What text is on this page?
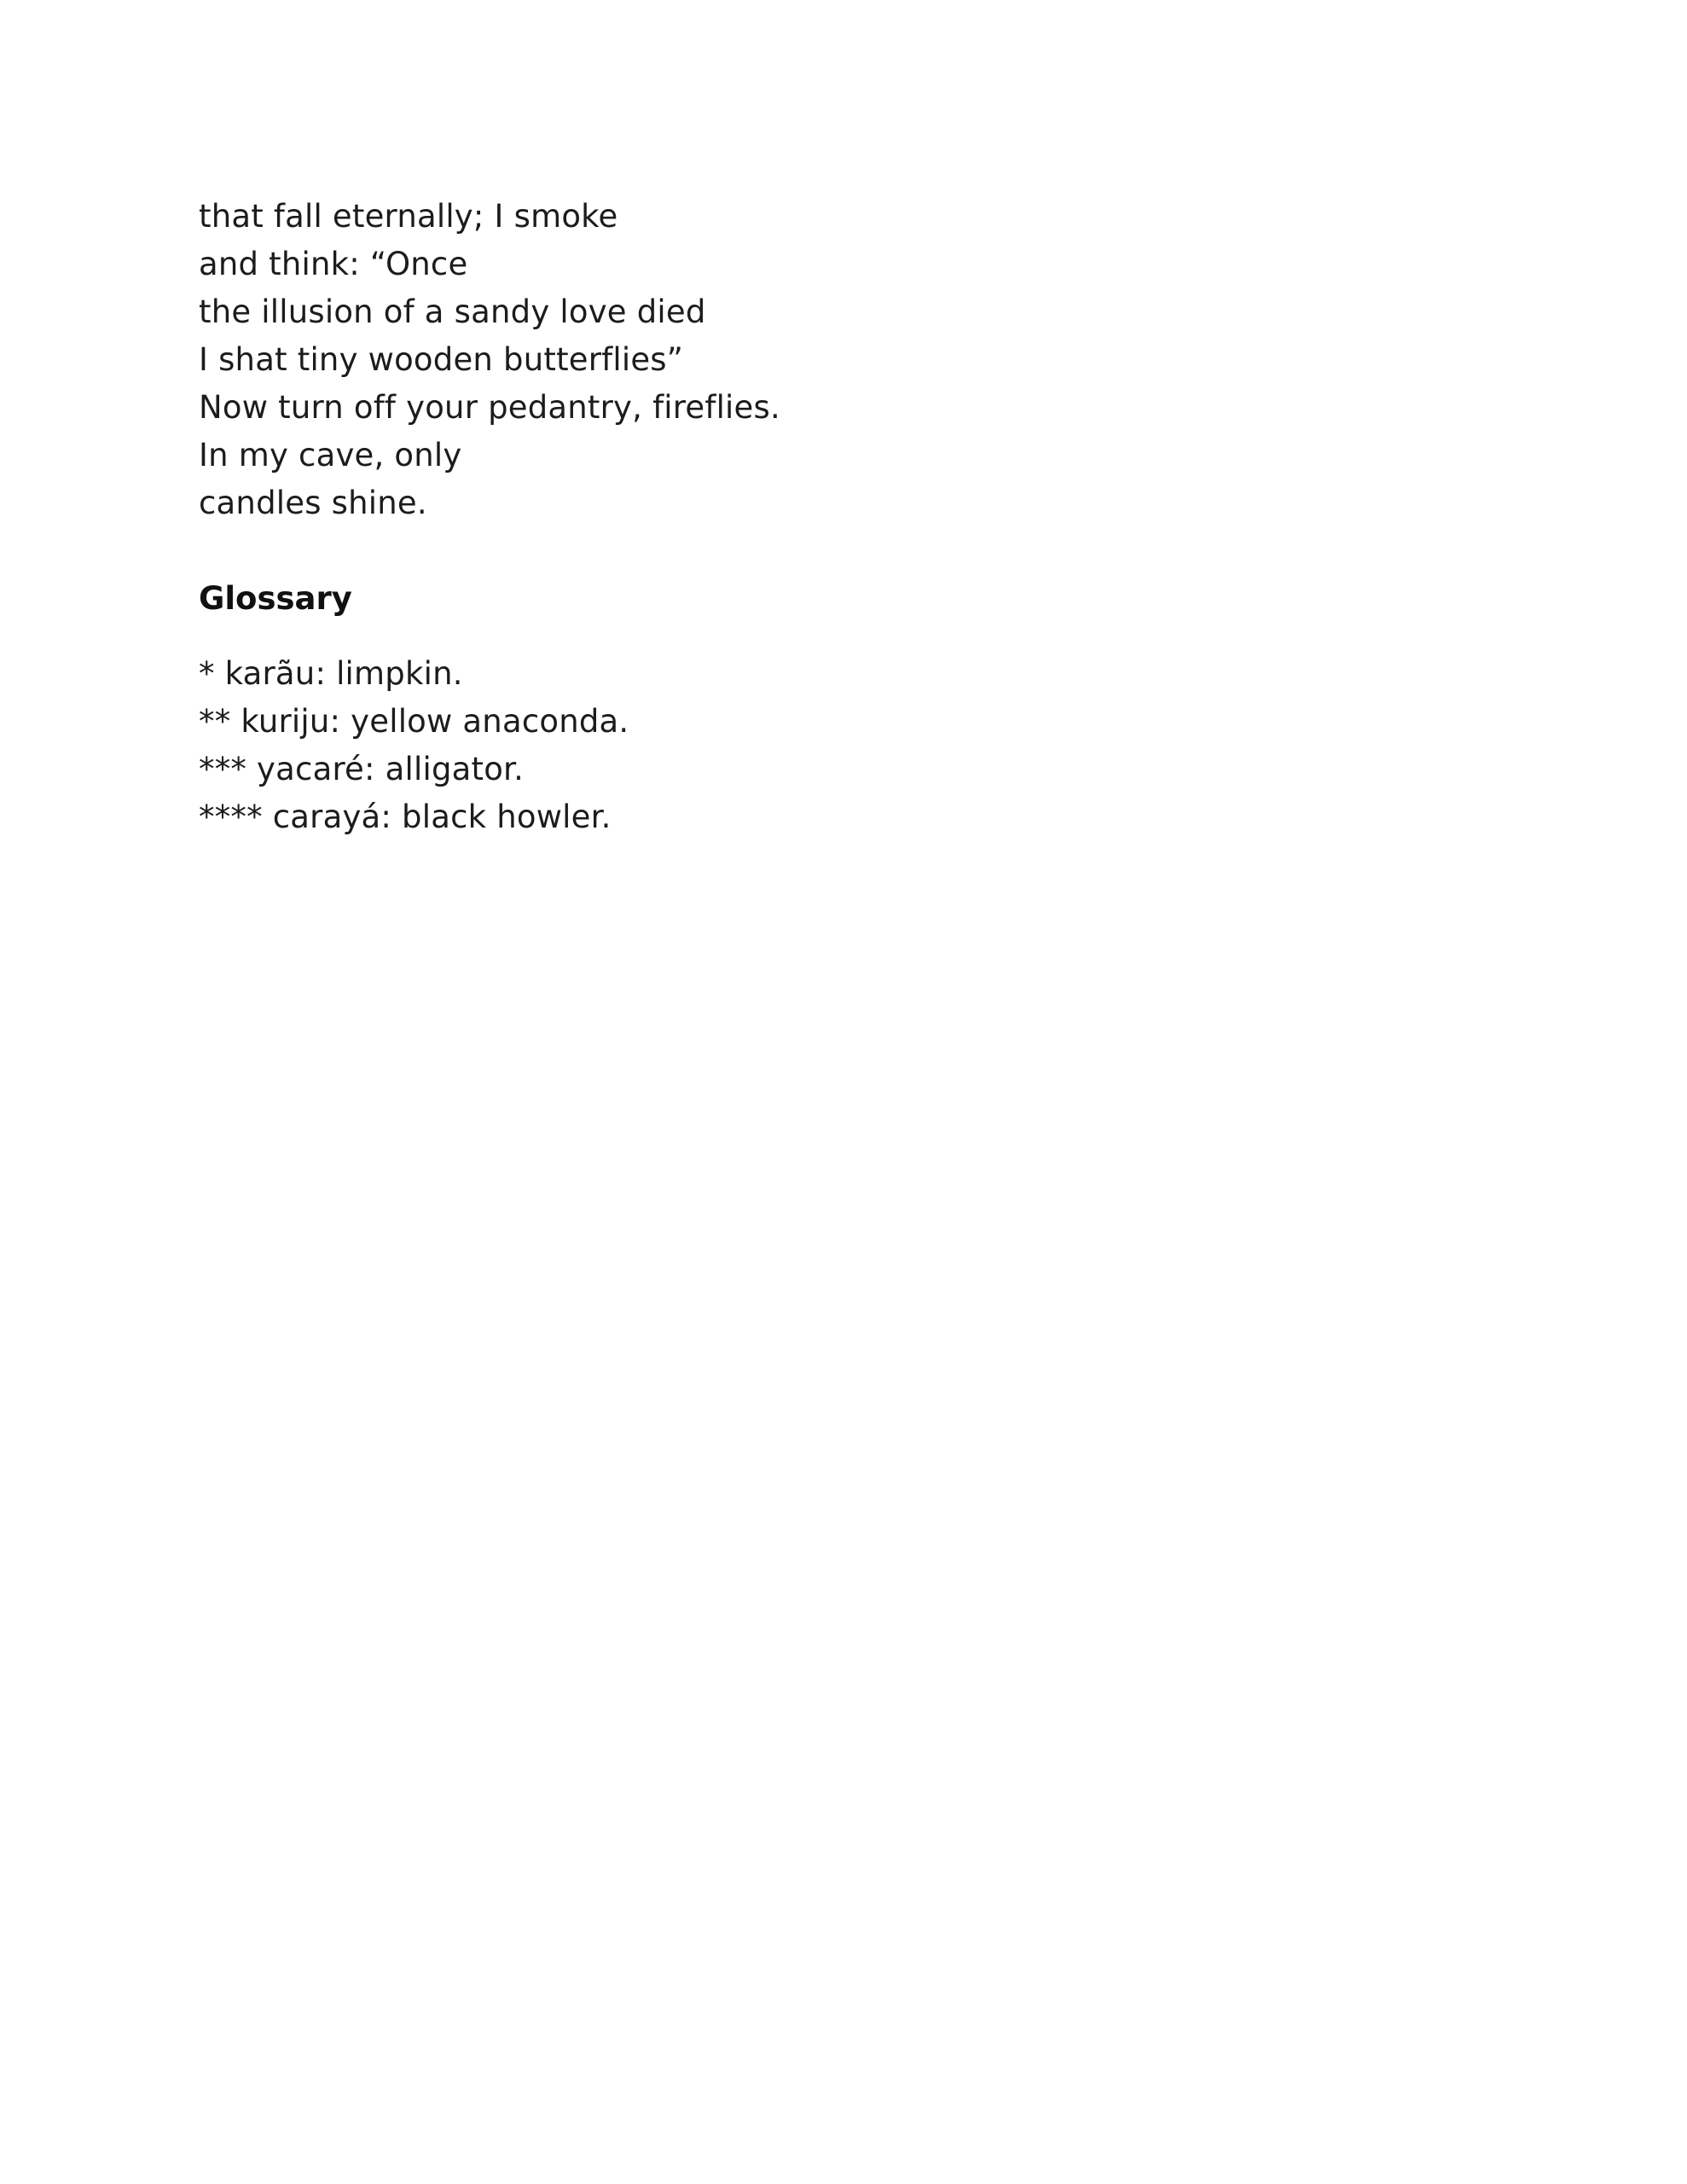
that fall eternally; I smoke
and think: “Once
the illusion of a sandy love died
I shat tiny wooden butterflies”
Now turn off your pedantry, fireflies.
In my cave, only
candles shine.
Glossary
* karãu: limpkin.
** kuriju: yellow anaconda.
*** yacaré: alligator.
**** carayá: black howler.
